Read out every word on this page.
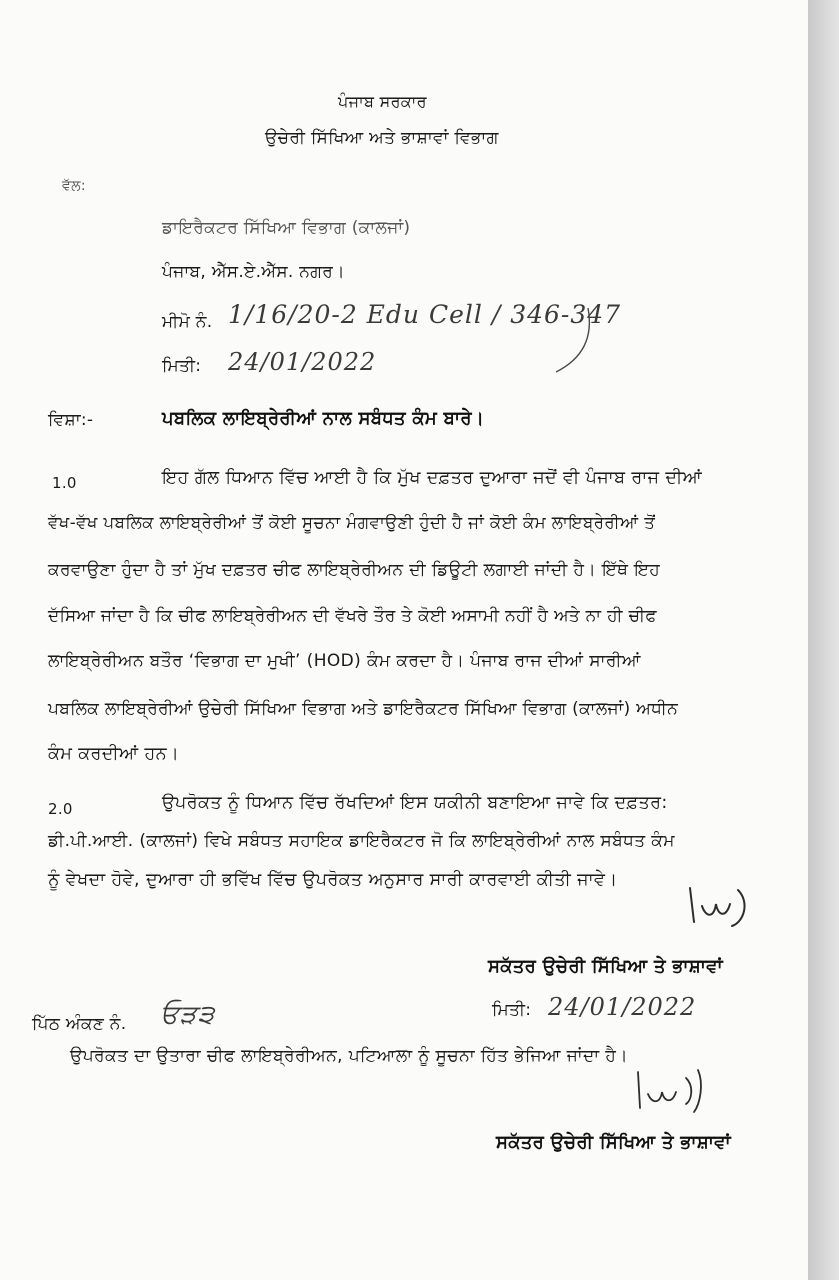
ਪੰਜਾਬ ਸਰਕਾਰ
ਉਚੇਰੀ ਸਿੱਖਿਆ ਅਤੇ ਭਾਸ਼ਾਵਾਂ ਵਿਭਾਗ
ਵੱਲ:
ਡਾਇਰੈਕਟਰ ਸਿੱਖਿਆ ਵਿਭਾਗ (ਕਾਲਜਾਂ)
ਪੰਜਾਬ, ਐੱਸ.ਏ.ਐੱਸ. ਨਗਰ।
ਮੀਮੋ ਨੰ. 1/16/20-2 Edu Cell / 346-347
ਮਿਤੀ: 24/01/2022
ਵਿਸ਼ਾ:-	ਪਬਲਿਕ ਲਾਇਬ੍ਰੇਰੀਆਂ ਨਾਲ ਸਬੰਧਤ ਕੰਮ ਬਾਰੇ।
1.0	ਇਹ ਗੱਲ ਧਿਆਨ ਵਿੱਚ ਆਈ ਹੈ ਕਿ ਮੁੱਖ ਦਫ਼ਤਰ ਦੁਆਰਾ ਜਦੋਂ ਵੀ ਪੰਜਾਬ ਰਾਜ ਦੀਆਂ
ਵੱਖ-ਵੱਖ ਪਬਲਿਕ ਲਾਇਬ੍ਰੇਰੀਆਂ ਤੋਂ ਕੋਈ ਸੂਚਨਾ ਮੰਗਵਾਉਣੀ ਹੁੰਦੀ ਹੈ ਜਾਂ ਕੋਈ ਕੰਮ ਲਾਇਬ੍ਰੇਰੀਆਂ ਤੋਂ
ਕਰਵਾਉਣਾ ਹੁੰਦਾ ਹੈ ਤਾਂ ਮੁੱਖ ਦਫ਼ਤਰ ਚੀਫ ਲਾਇਬ੍ਰੇਰੀਅਨ ਦੀ ਡਿਊਟੀ ਲਗਾਈ ਜਾਂਦੀ ਹੈ। ਇੱਥੇ ਇਹ
ਦੱਸਿਆ ਜਾਂਦਾ ਹੈ ਕਿ ਚੀਫ ਲਾਇਬ੍ਰੇਰੀਅਨ ਦੀ ਵੱਖਰੇ ਤੌਰ ਤੇ ਕੋਈ ਅਸਾਮੀ ਨਹੀਂ ਹੈ ਅਤੇ ਨਾ ਹੀ ਚੀਫ
ਲਾਇਬ੍ਰੇਰੀਅਨ ਬਤੌਰ ‘ਵਿਭਾਗ ਦਾ ਮੁਖੀ’ (HOD) ਕੰਮ ਕਰਦਾ ਹੈ। ਪੰਜਾਬ ਰਾਜ ਦੀਆਂ ਸਾਰੀਆਂ
ਪਬਲਿਕ ਲਾਇਬ੍ਰੇਰੀਆਂ ਉਚੇਰੀ ਸਿੱਖਿਆ ਵਿਭਾਗ ਅਤੇ ਡਾਇਰੈਕਟਰ ਸਿੱਖਿਆ ਵਿਭਾਗ (ਕਾਲਜਾਂ) ਅਧੀਨ
ਕੰਮ ਕਰਦੀਆਂ ਹਨ।
2.0	ਉਪਰੋਕਤ ਨੂੰ ਧਿਆਨ ਵਿੱਚ ਰੱਖਦਿਆਂ ਇਸ ਯਕੀਨੀ ਬਣਾਇਆ ਜਾਵੇ ਕਿ ਦਫ਼ਤਰ:
ਡੀ.ਪੀ.ਆਈ. (ਕਾਲਜਾਂ) ਵਿਖੇ ਸਬੰਧਤ ਸਹਾਇਕ ਡਾਇਰੈਕਟਰ ਜੋ ਕਿ ਲਾਇਬ੍ਰੇਰੀਆਂ ਨਾਲ ਸਬੰਧਤ ਕੰਮ
ਨੂੰ ਵੇਖਦਾ ਹੋਵੇ, ਦੁਆਰਾ ਹੀ ਭਵਿੱਖ ਵਿੱਚ ਉਪਰੋਕਤ ਅਨੁਸਾਰ ਸਾਰੀ ਕਾਰਵਾਈ ਕੀਤੀ ਜਾਵੇ।
ਸਕੱਤਰ ਉਚੇਰੀ ਸਿੱਖਿਆ ਤੇ ਭਾਸ਼ਾਵਾਂ
ਪਿੱਠ ਅੰਕਣ ਨੰ. ਓੜ੩	ਮਿਤੀ: 24/01/2022
ਉਪਰੋਕਤ ਦਾ ਉਤਾਰਾ ਚੀਫ ਲਾਇਬ੍ਰੇਰੀਅਨ, ਪਟਿਆਲਾ ਨੂੰ ਸੂਚਨਾ ਹਿੱਤ ਭੇਜਿਆ ਜਾਂਦਾ ਹੈ।
ਸਕੱਤਰ ਉਚੇਰੀ ਸਿੱਖਿਆ ਤੇ ਭਾਸ਼ਾਵਾਂ
